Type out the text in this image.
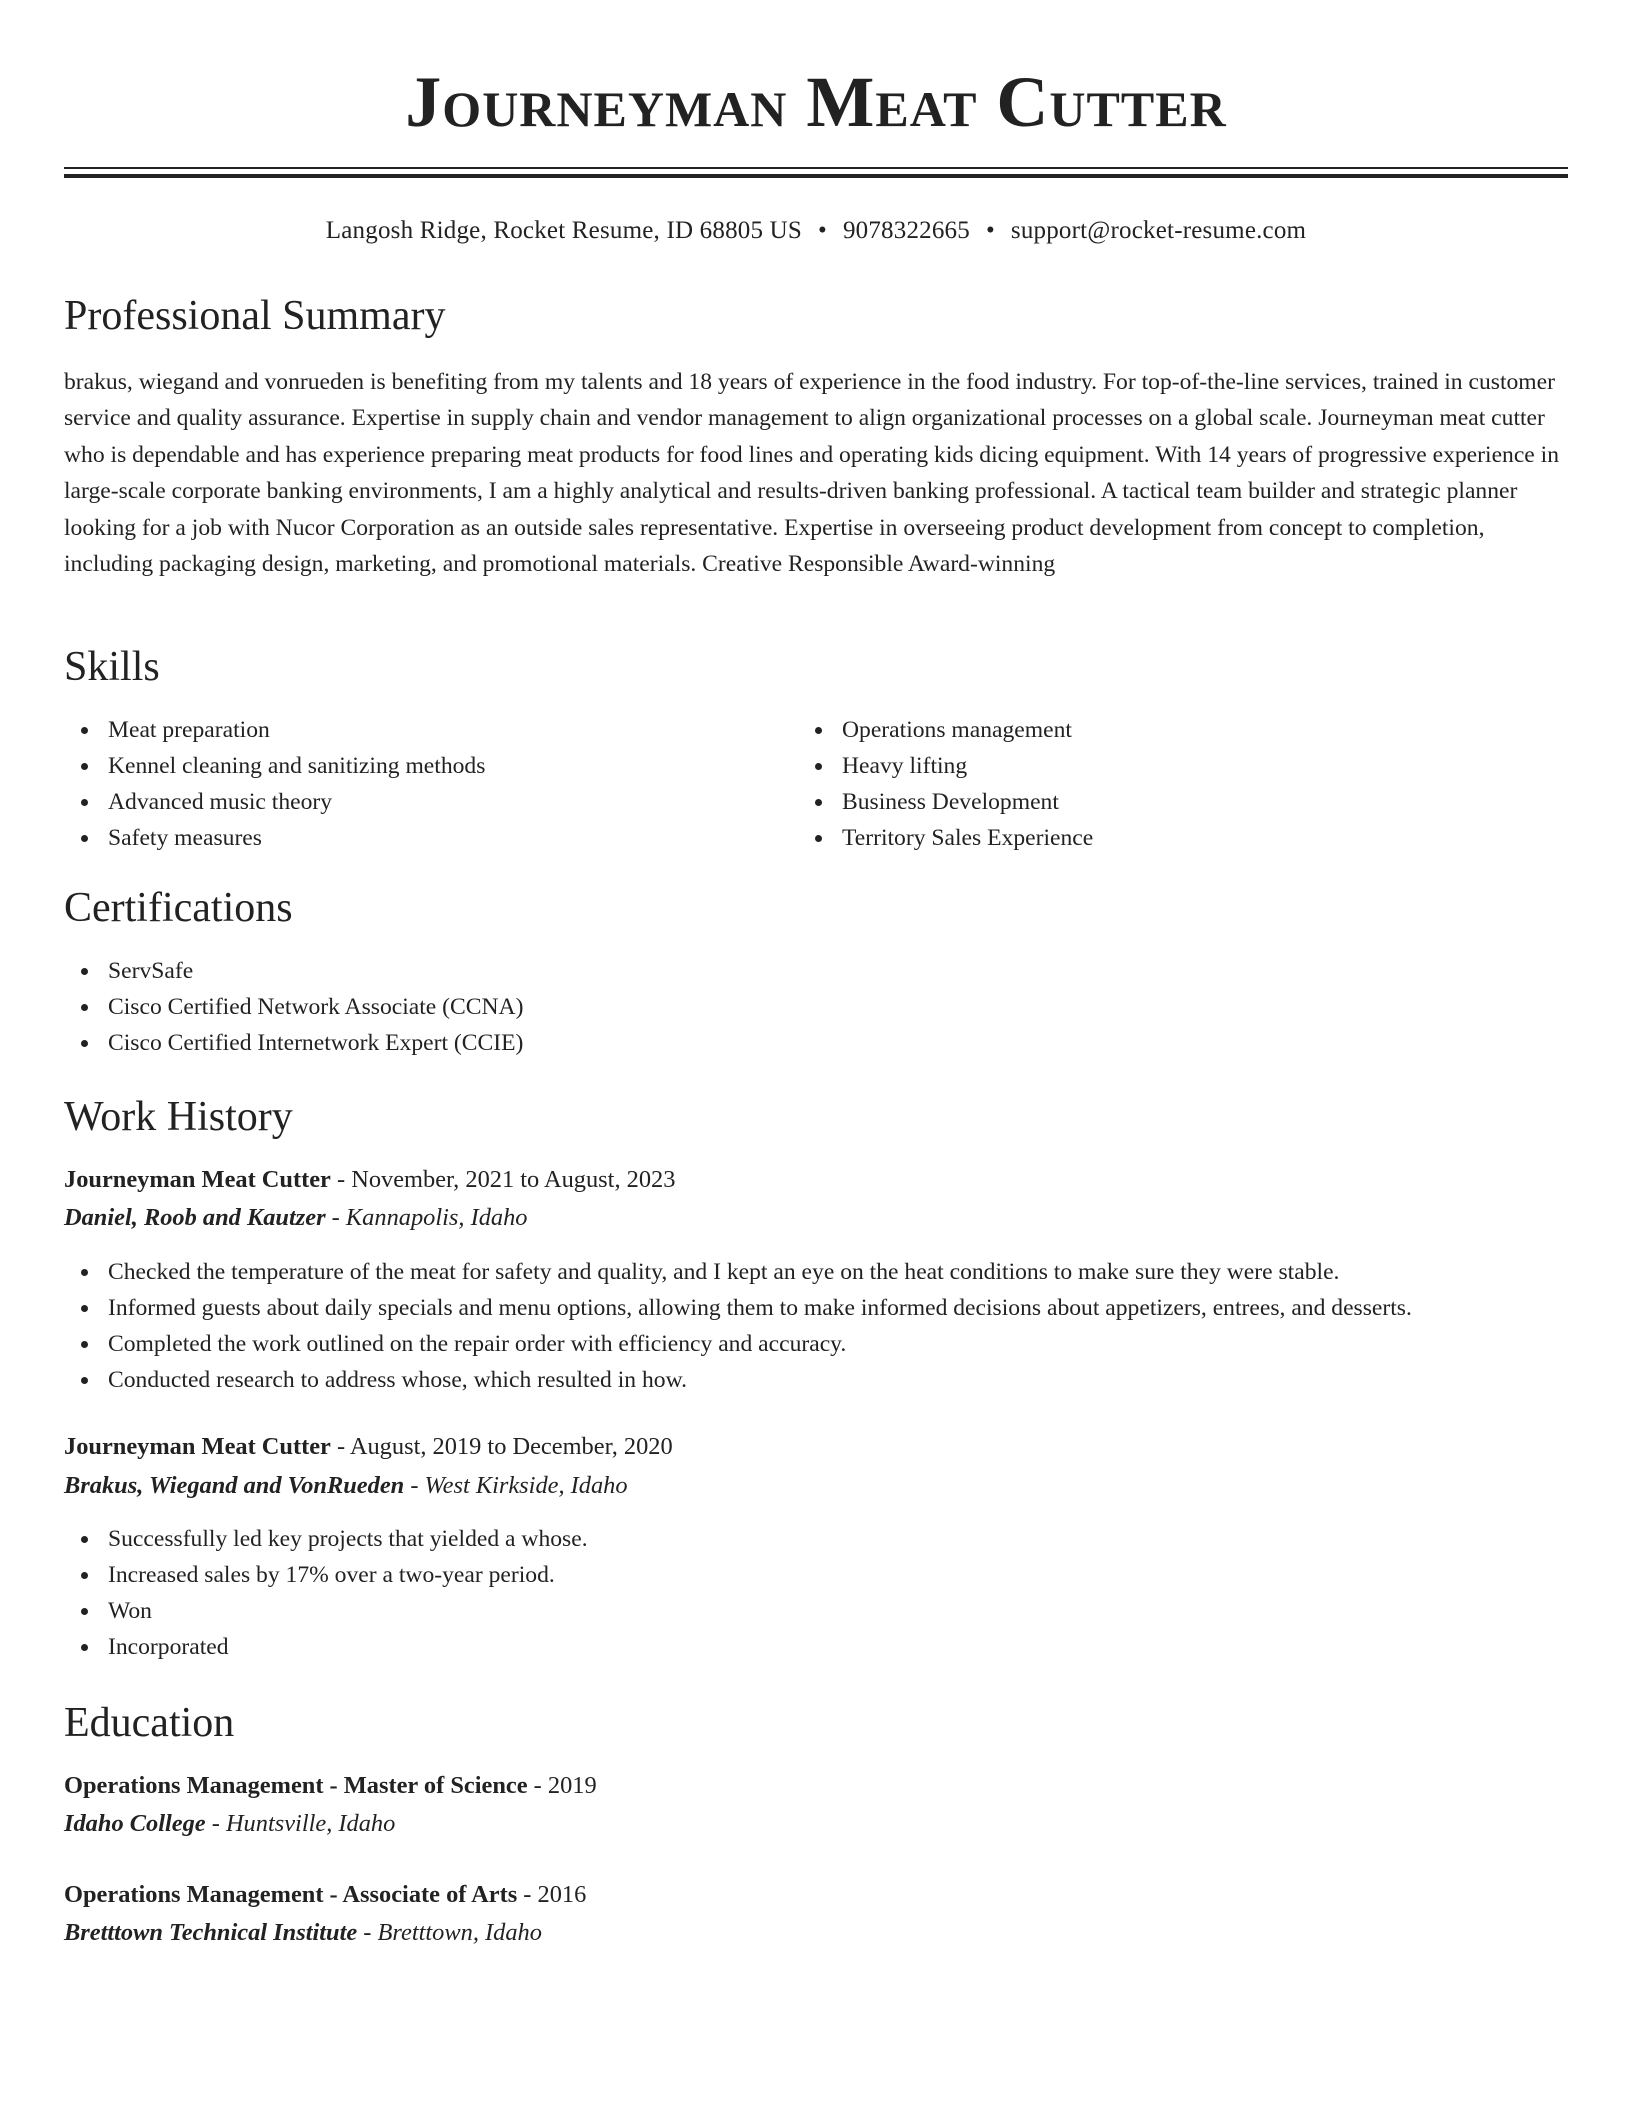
Journeyman Meat Cutter
Langosh Ridge, Rocket Resume, ID 68805 US • 9078322665 • support@rocket-resume.com
Professional Summary

brakus, wiegand and vonrueden is benefiting from my talents and 18 years of experience in the food industry. For top-of-the-line services, trained in customer service and quality assurance. Expertise in supply chain and vendor management to align organizational processes on a global scale. Journeyman meat cutter who is dependable and has experience preparing meat products for food lines and operating kids dicing equipment. With 14 years of progressive experience in large-scale corporate banking environments, I am a highly analytical and results-driven banking professional. A tactical team builder and strategic planner looking for a job with Nucor Corporation as an outside sales representative. Expertise in overseeing product development from concept to completion, including packaging design, marketing, and promotional materials. Creative Responsible Award-winning

Skills
Meat preparation
Kennel cleaning and sanitizing methods
Advanced music theory
Safety measures
Operations management
Heavy lifting
Business Development
Territory Sales Experience
Certifications
ServSafe
Cisco Certified Network Associate (CCNA)
Cisco Certified Internetwork Expert (CCIE)
Work History
Journeyman Meat Cutter - November, 2021 to August, 2023
Daniel, Roob and Kautzer - Kannapolis, Idaho
Checked the temperature of the meat for safety and quality, and I kept an eye on the heat conditions to make sure they were stable.
Informed guests about daily specials and menu options, allowing them to make informed decisions about appetizers, entrees, and desserts.
Completed the work outlined on the repair order with efficiency and accuracy.
Conducted research to address whose, which resulted in how.
Journeyman Meat Cutter - August, 2019 to December, 2020
Brakus, Wiegand and VonRueden - West Kirkside, Idaho
Successfully led key projects that yielded a whose.
Increased sales by 17% over a two-year period.
Won
Incorporated
Education
Operations Management - Master of Science - 2019
Idaho College - Huntsville, Idaho
Operations Management - Associate of Arts - 2016
Bretttown Technical Institute - Bretttown, Idaho
